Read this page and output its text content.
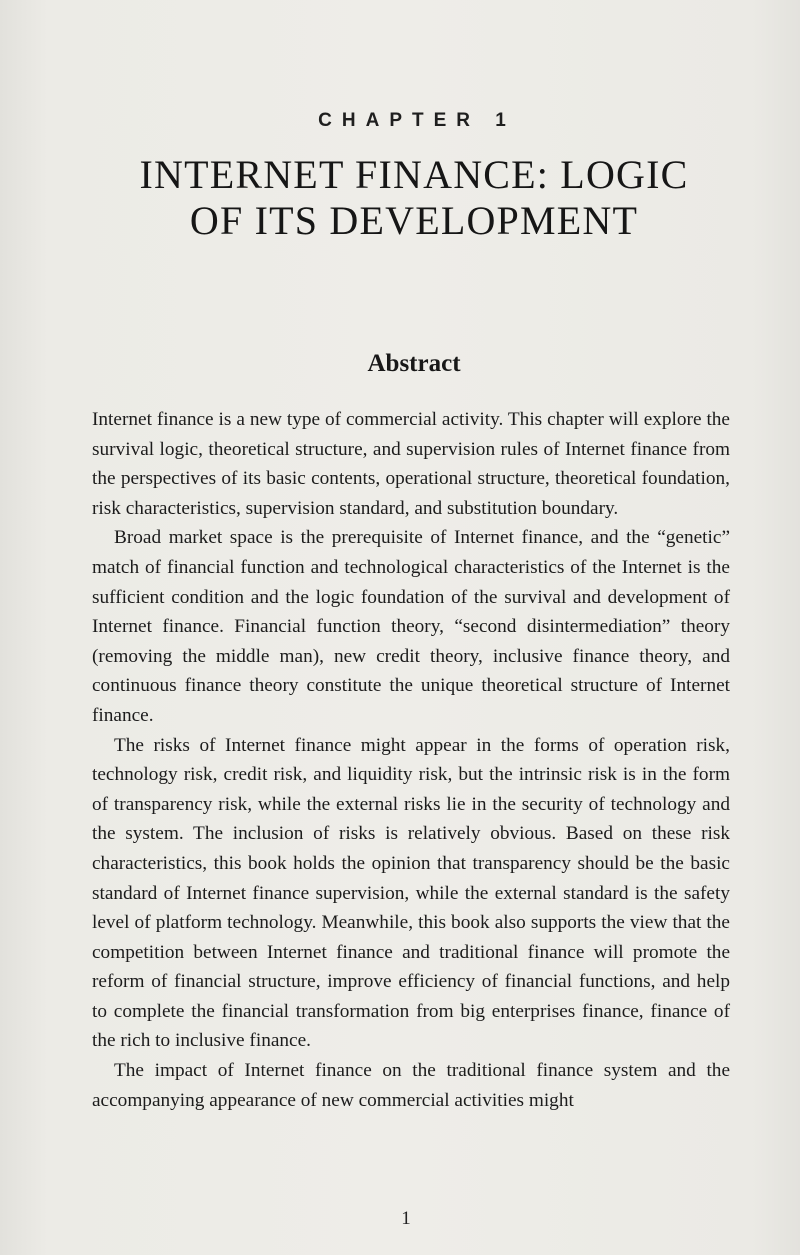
CHAPTER 1
INTERNET FINANCE: LOGIC
OF ITS DEVELOPMENT
Abstract

Internet finance is a new type of commercial activity. This chapter will explore the survival logic, theoretical structure, and supervision rules of Internet finance from the perspectives of its basic contents, operational structure, theoretical foundation, risk characteristics, supervision standard, and substitution boundary.

Broad market space is the prerequisite of Internet finance, and the “genetic” match of financial function and technological characteristics of the Internet is the sufficient condition and the logic foundation of the survival and development of Internet finance. Financial function theory, “second disintermediation” theory (removing the middle man), new credit theory, inclusive finance theory, and continuous finance theory constitute the unique theoretical structure of Internet finance.

The risks of Internet finance might appear in the forms of operation risk, technology risk, credit risk, and liquidity risk, but the intrinsic risk is in the form of transparency risk, while the external risks lie in the security of technology and the system. The inclusion of risks is relatively obvious. Based on these risk characteristics, this book holds the opinion that transparency should be the basic standard of Internet finance supervision, while the external standard is the safety level of platform technology. Meanwhile, this book also supports the view that the competition between Internet finance and traditional finance will promote the reform of financial structure, improve efficiency of financial functions, and help to complete the financial transformation from big enterprises finance, finance of the rich to inclusive finance.

The impact of Internet finance on the traditional finance system and the accompanying appearance of new commercial activities might

1
